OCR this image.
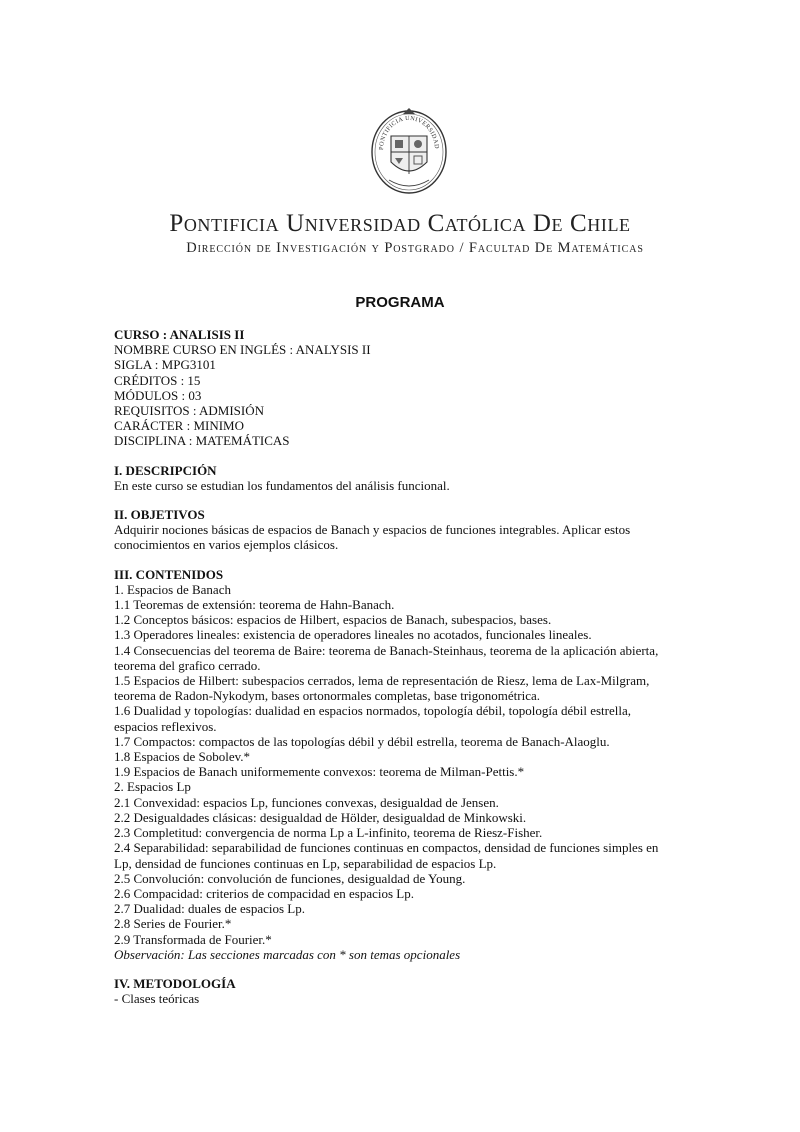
PONTIFICIA UNIVERSIDAD
Pontificia Universidad Católica De Chile
Dirección de Investigación y Postgrado / Facultad De Matemáticas
PROGRAMA

CURSO : ANALISIS II

NOMBRE CURSO EN INGLÉS : ANALYSIS II

SIGLA : MPG3101

CRÉDITOS : 15

MÓDULOS : 03

REQUISITOS : ADMISIÓN

CARÁCTER : MINIMO

DISCIPLINA : MATEMÁTICAS

I. DESCRIPCIÓN

En este curso se estudian los fundamentos del análisis funcional.

II. OBJETIVOS

Adquirir nociones básicas de espacios de Banach y espacios de funciones integrables. Aplicar estos conocimientos en varios ejemplos clásicos.

III. CONTENIDOS

1. Espacios de Banach

1.1 Teoremas de extensión: teorema de Hahn-Banach.

1.2 Conceptos básicos: espacios de Hilbert, espacios de Banach, subespacios, bases.

1.3 Operadores lineales: existencia de operadores lineales no acotados, funcionales lineales.

1.4 Consecuencias del teorema de Baire: teorema de Banach-Steinhaus, teorema de la aplicación abierta, teorema del grafico cerrado.

1.5 Espacios de Hilbert: subespacios cerrados, lema de representación de Riesz, lema de Lax-Milgram, teorema de Radon-Nykodym, bases ortonormales completas, base trigonométrica.

1.6 Dualidad y topologías: dualidad en espacios normados, topología débil, topología débil estrella, espacios reflexivos.

1.7 Compactos: compactos de las topologías débil y débil estrella, teorema de Banach-Alaoglu.

1.8 Espacios de Sobolev.*

1.9 Espacios de Banach uniformemente convexos: teorema de Milman-Pettis.*

2. Espacios Lp

2.1 Convexidad: espacios Lp, funciones convexas, desigualdad de Jensen.

2.2 Desigualdades clásicas: desigualdad de Hölder, desigualdad de Minkowski.

2.3 Completitud: convergencia de norma Lp a L-infinito, teorema de Riesz-Fisher.

2.4 Separabilidad: separabilidad de funciones continuas en compactos, densidad de funciones simples en Lp, densidad de funciones continuas en Lp, separabilidad de espacios Lp.

2.5 Convolución: convolución de funciones, desigualdad de Young.

2.6 Compacidad: criterios de compacidad en espacios Lp.

2.7 Dualidad: duales de espacios Lp.

2.8 Series de Fourier.*

2.9 Transformada de Fourier.*

Observación: Las secciones marcadas con * son temas opcionales

IV. METODOLOGÍA

- Clases teóricas
